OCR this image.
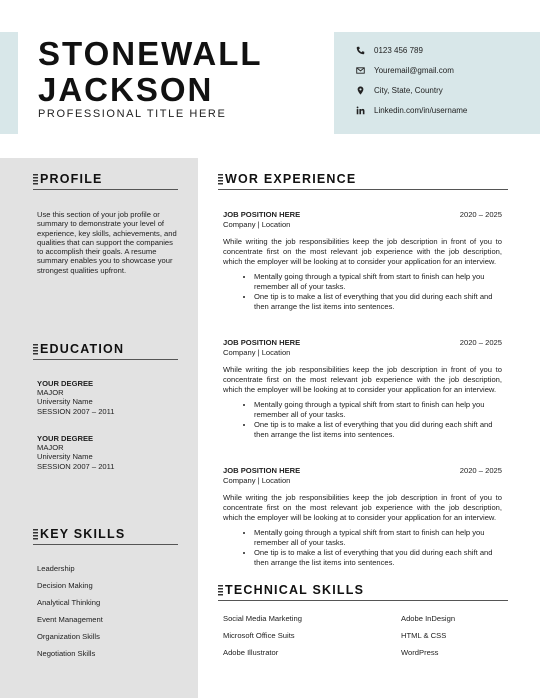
STONEWALL
JACKSON
PROFESSIONAL TITLE HERE
0123 456 789
Youremail@gmail.com
City, State, Country
Linkedin.com/in/username
PROFILE
Use this section of your job profile or summary to demonstrate your level of experience, key skills, achievements, and qualities that can support the companies to accomplish their goals. A resume summary enables you to showcase your strongest qualities upfront.
EDUCATION
YOUR DEGREE
MAJOR
University Name
SESSION 2007 – 2011
YOUR DEGREE
MAJOR
University Name
SESSION 2007 – 2011
KEY SKILLS
Leadership
Decision Making
Analytical Thinking
Event Management
Organization Skills
Negotiation Skills
WOR EXPERIENCE
JOB POSITION HERE	2020 – 2025
Company | Location
While writing the job responsibilities keep the job description in front of you to concentrate first on the most relevant job experience with the job description, which the employer will be looking at to consider your application for an interview.
• Mentally going through a typical shift from start to finish can help you remember all of your tasks.
• One tip is to make a list of everything that you did during each shift and then arrange the list items into sentences.
JOB POSITION HERE	2020 – 2025
Company | Location
While writing the job responsibilities keep the job description in front of you to concentrate first on the most relevant job experience with the job description, which the employer will be looking at to consider your application for an interview.
• Mentally going through a typical shift from start to finish can help you remember all of your tasks.
• One tip is to make a list of everything that you did during each shift and then arrange the list items into sentences.
JOB POSITION HERE	2020 – 2025
Company | Location
While writing the job responsibilities keep the job description in front of you to concentrate first on the most relevant job experience with the job description, which the employer will be looking at to consider your application for an interview.
• Mentally going through a typical shift from start to finish can help you remember all of your tasks.
• One tip is to make a list of everything that you did during each shift and then arrange the list items into sentences.
TECHNICAL SKILLS
Social Media Marketing	Adobe InDesign
Microsoft Office Suits	HTML & CSS
Adobe Illustrator	WordPress
